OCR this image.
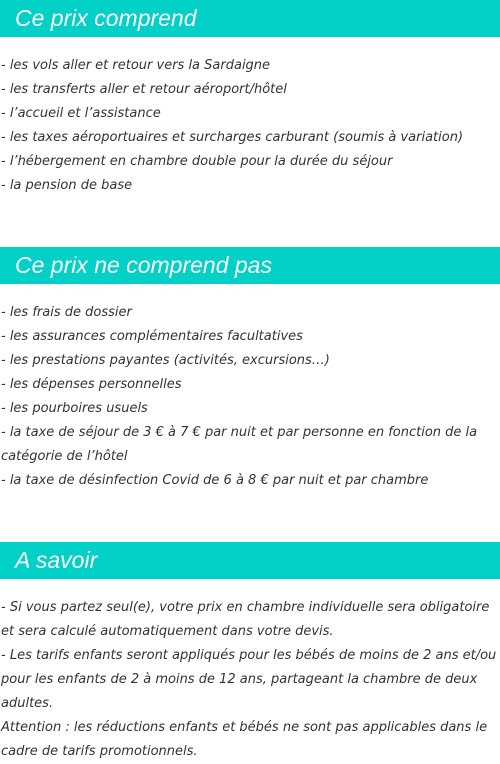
Ce prix comprend
- les vols aller et retour vers la Sardaigne
- les transferts aller et retour aéroport/hôtel
- l’accueil et l’assistance
- les taxes aéroportuaires et surcharges carburant (soumis à variation)
- l’hébergement en chambre double pour la durée du séjour
- la pension de base
Ce prix ne comprend pas
- les frais de dossier
- les assurances complémentaires facultatives
- les prestations payantes (activités, excursions…)
- les dépenses personnelles
- les pourboires usuels
- la taxe de séjour de 3 € à 7 € par nuit et par personne en fonction de la catégorie de l’hôtel
- la taxe de désinfection Covid de 6 à 8 € par nuit et par chambre
A savoir
- Si vous partez seul(e), votre prix en chambre individuelle sera obligatoire et sera calculé automatiquement dans votre devis.
- Les tarifs enfants seront appliqués pour les bébés de moins de 2 ans et/ou pour les enfants de 2 à moins de 12 ans, partageant la chambre de deux adultes.
Attention : les réductions enfants et bébés ne sont pas applicables dans le cadre de tarifs promotionnels.
